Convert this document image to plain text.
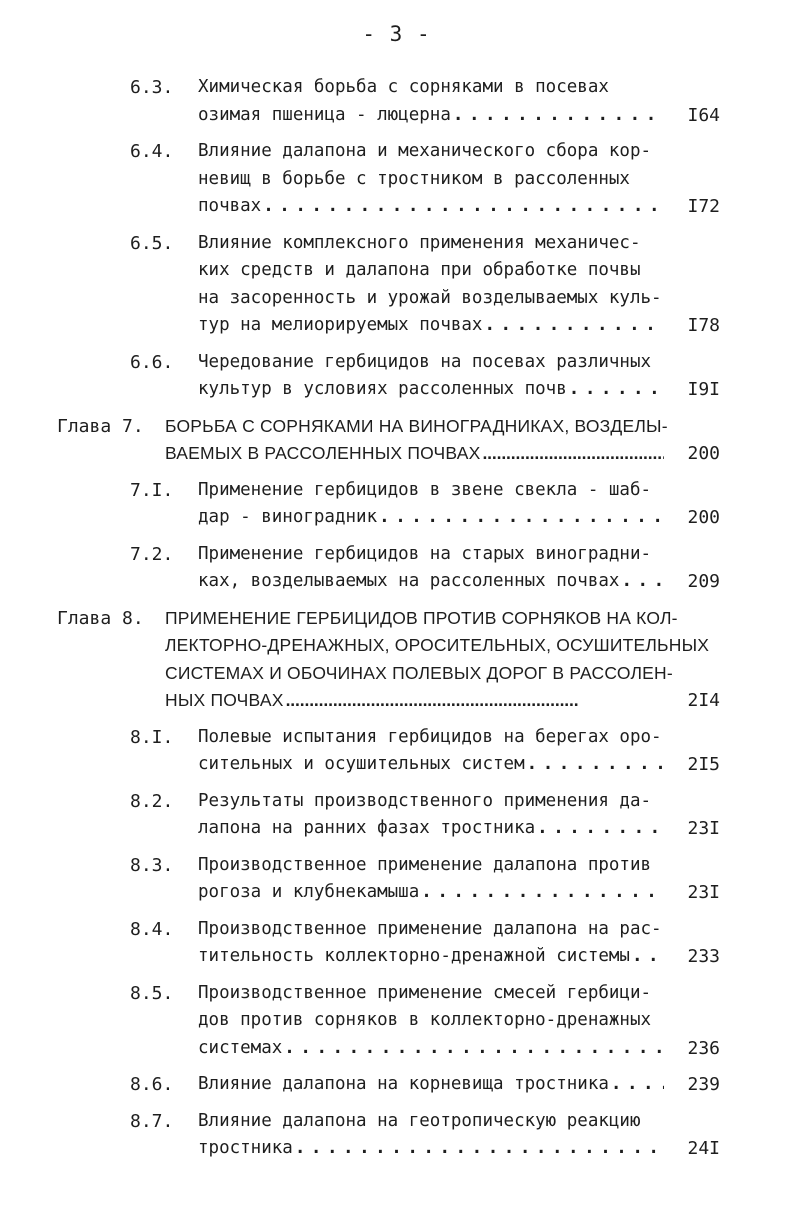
- 3 -
6.3. Химическая борьба с сорняками в посевах
озимая пшеница - люцерна . . .	I64
6.4. Влияние далапона и механического сбора кор-
невищ в борьбе с тростником в рассоленных
почвах . . .	I72
6.5. Влияние комплексного применения механичес-
ких средств и далапона при обработке почвы
на засоренность и урожай возделываемых куль-
тур на мелиорируемых почвах . . .	I78
6.6. Чередование гербицидов на посевах различных
культур в условиях рассоленных почв . . .	I9I
Глава 7. БОРЬБА С СОРНЯКАМИ НА ВИНОГРАДНИКАХ, ВОЗДЕЛЫ-
ВАЕМЫХ В РАССОЛЕННЫХ ПОЧВАХ . . .	200
7.I. Применение гербицидов в звене свекла - шаб-
дар - виноградник . . .	200
7.2. Применение гербицидов на старых виноградни-
ках, возделываемых на рассоленных почвах . . .	209
Глава 8. ПРИМЕНЕНИЕ ГЕРБИЦИДОВ ПРОТИВ СОРНЯКОВ НА КОЛ-
ЛЕКТОРНО-ДРЕНАЖНЫХ, ОРОСИТЕЛЬНЫХ, ОСУШИТЕЛЬНЫХ
СИСТЕМАХ И ОБОЧИНАХ ПОЛЕВЫХ ДОРОГ В РАССОЛЕН-
НЫХ ПОЧВАХ . . .	2I4
8.I. Полевые испытания гербицидов на берегах оро-
сительных и осушительных систем . . .	2I5
8.2. Результаты производственного применения да-
лапона на ранних фазах тростника . . .	23I
8.3. Производственное применение далапона против
рогоза и клубнекамыша . . .	23I
8.4. Производственное применение далапона на рас-
тительность коллекторно-дренажной системы . . .	233
8.5. Производственное применение смесей гербици-
дов против сорняков в коллекторно-дренажных
системах . . .	236
8.6. Влияние далапона на корневища тростника . . .	239
8.7. Влияние далапона на геотропическую реакцию
тростника . . .	24I
